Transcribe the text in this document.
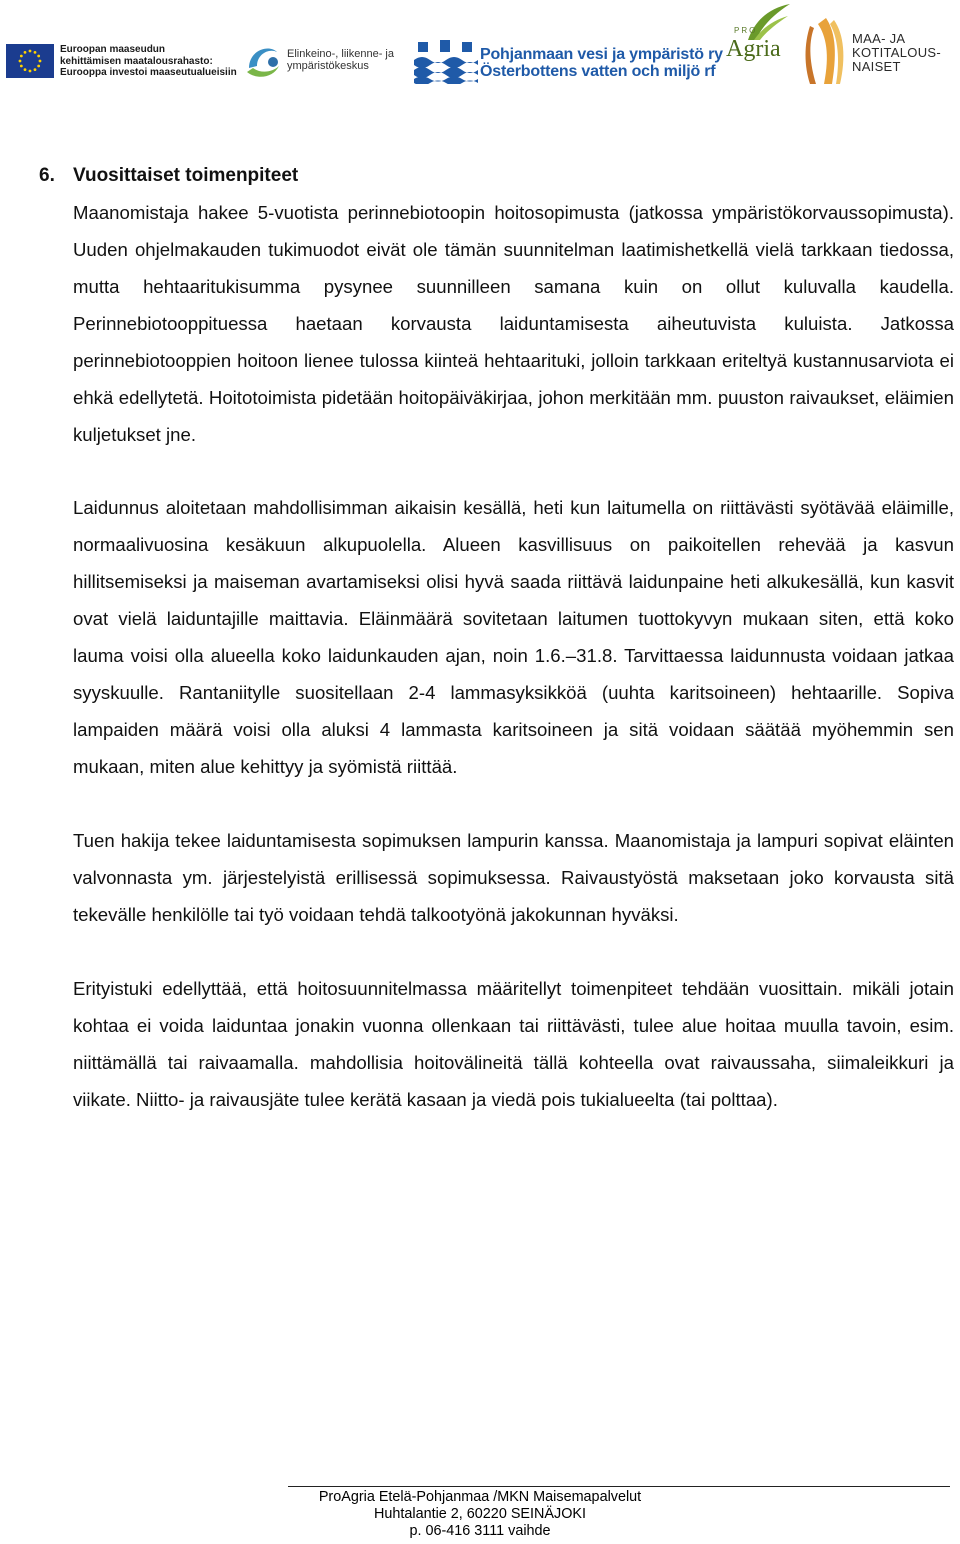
Euroopan maaseudun
kehittämisen maatalousrahasto:
Eurooppa investoi maaseutualueisiin
Elinkeino-, liikenne- ja
ympäristökeskus
Pohjanmaan vesi ja ympäristö ry
Österbottens vatten och miljö rf
PRO
Agria	MAA- JA
KOTITALOUS-
NAISET
6. Vuosittaiset toimenpiteet

Maanomistaja hakee 5-vuotista perinnebiotoopin hoitosopimusta (jatkossa ympäristökorvaussopimusta). Uuden ohjelmakauden tukimuodot eivät ole tämän suunnitelman laatimishetkellä vielä tarkkaan tiedossa, mutta hehtaaritukisumma pysynee suunnilleen samana kuin on ollut kuluvalla kaudella. Perinnebiotooppituessa haetaan korvausta laiduntamisesta aiheutuvista kuluista. Jatkossa perinnebiotooppien hoitoon lienee tulossa kiinteä hehtaarituki, jolloin tarkkaan eriteltyä kustannusarviota ei ehkä edellytetä. Hoitotoimista pidetään hoitopäiväkirjaa, johon merkitään mm. puuston raivaukset, eläimien kuljetukset jne.

Laidunnus aloitetaan mahdollisimman aikaisin kesällä, heti kun laitumella on riittävästi syötävää eläimille, normaalivuosina kesäkuun alkupuolella. Alueen kasvillisuus on paikoitellen rehevää ja kasvun hillitsemiseksi ja maiseman avartamiseksi olisi hyvä saada riittävä laidunpaine heti alkukesällä, kun kasvit ovat vielä laiduntajille maittavia. Eläinmäärä sovitetaan laitumen tuottokyvyn mukaan siten, että koko lauma voisi olla alueella koko laidunkauden ajan, noin 1.6.–31.8. Tarvittaessa laidunnusta voidaan jatkaa syyskuulle. Rantaniitylle suositellaan 2-4 lammasyksikköä (uuhta karitsoineen) hehtaarille. Sopiva lampaiden määrä voisi olla aluksi 4 lammasta karitsoineen ja sitä voidaan säätää myöhemmin sen mukaan, miten alue kehittyy ja syömistä riittää.

Tuen hakija tekee laiduntamisesta sopimuksen lampurin kanssa. Maanomistaja ja lampuri sopivat eläinten valvonnasta ym. järjestelyistä erillisessä sopimuksessa. Raivaustyöstä maksetaan joko korvausta sitä tekevälle henkilölle tai työ voidaan tehdä talkootyönä jakokunnan hyväksi.

Erityistuki edellyttää, että hoitosuunnitelmassa määritellyt toimenpiteet tehdään vuosittain. mikäli jotain kohtaa ei voida laiduntaa jonakin vuonna ollenkaan tai riittävästi, tulee alue hoitaa muulla tavoin, esim. niittämällä tai raivaamalla. mahdollisia hoitovälineitä tällä kohteella ovat raivaussaha, siimaleikkuri ja viikate. Niitto- ja raivausjäte tulee kerätä kasaan ja viedä pois tukialueelta (tai polttaa).

ProAgria Etelä-Pohjanmaa /MKN Maisemapalvelut
Huhtalantie 2, 60220 SEINÄJOKI
p. 06-416 3111 vaihde
